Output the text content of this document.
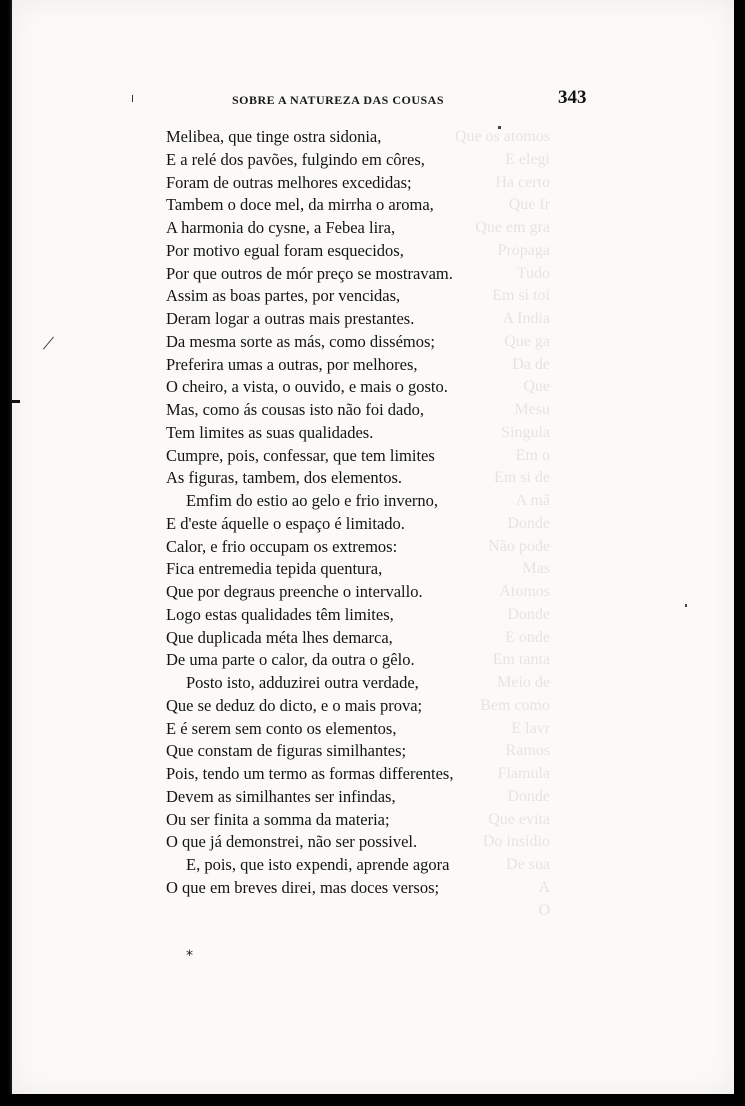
SOBRE A NATUREZA DAS COUSAS	343
Melibea, que tinge ostra sidonia,
E a relé dos pavões, fulgindo em côres,
Foram de outras melhores excedidas;
Tambem o doce mel, da mirrha o aroma,
A harmonia do cysne, a Febea lira,
Por motivo egual foram esquecidos,
Por que outros de mór preço se mostravam.
Assim as boas partes, por vencidas,
Deram logar a outras mais prestantes.
Da mesma sorte as más, como dissémos;
Preferira umas a outras, por melhores,
O cheiro, a vista, o ouvido, e mais o gosto.
Mas, como ás cousas isto não foi dado,
Tem limites as suas qualidades.
Cumpre, pois, confessar, que tem limites
As figuras, tambem, dos elementos.
Emfim do estio ao gelo e frio inverno,
E d'este áquelle o espaço é limitado.
Calor, e frio occupam os extremos:
Fica entremedia tepida quentura,
Que por degraus preenche o intervallo.
Logo estas qualidades têm limites,
Que duplicada méta lhes demarca,
De uma parte o calor, da outra o gêlo.
Posto isto, adduzirei outra verdade,
Que se deduz do dicto, e o mais prova;
E é serem sem conto os elementos,
Que constam de figuras similhantes;
Pois, tendo um termo as formas differentes,
Devem as similhantes ser infindas,
Ou ser finita a somma da materia;
O que já demonstrei, não ser possivel.
E, pois, que isto expendi, aprende agora
O que em breves direi, mas doces versos;
*
